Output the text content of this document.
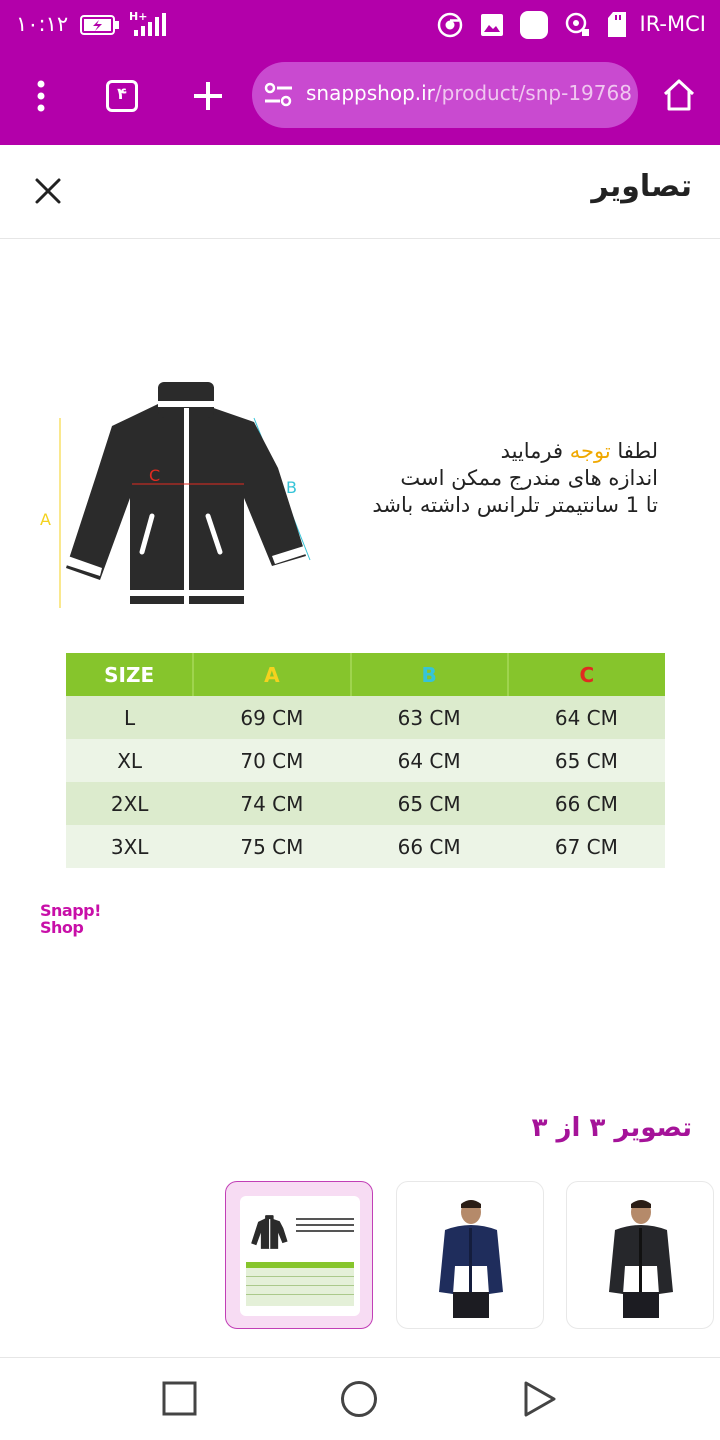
۱۰:۱۲	H+	IR-MCI
۴	snappshop.ir/product/snp-19768
تصاویر
A
B
C
لطفا توجه فرمایید
اندازه های مندرج ممکن است
تا 1 سانتیمتر تلرانس داشته باشد
SIZE	A	B	C
L	69 CM	63 CM	64 CM
XL	70 CM	64 CM	65 CM
2XL	74 CM	65 CM	66 CM
3XL	75 CM	66 CM	67 CM
Snapp!
Shop
تصویر ۳ از ۳
